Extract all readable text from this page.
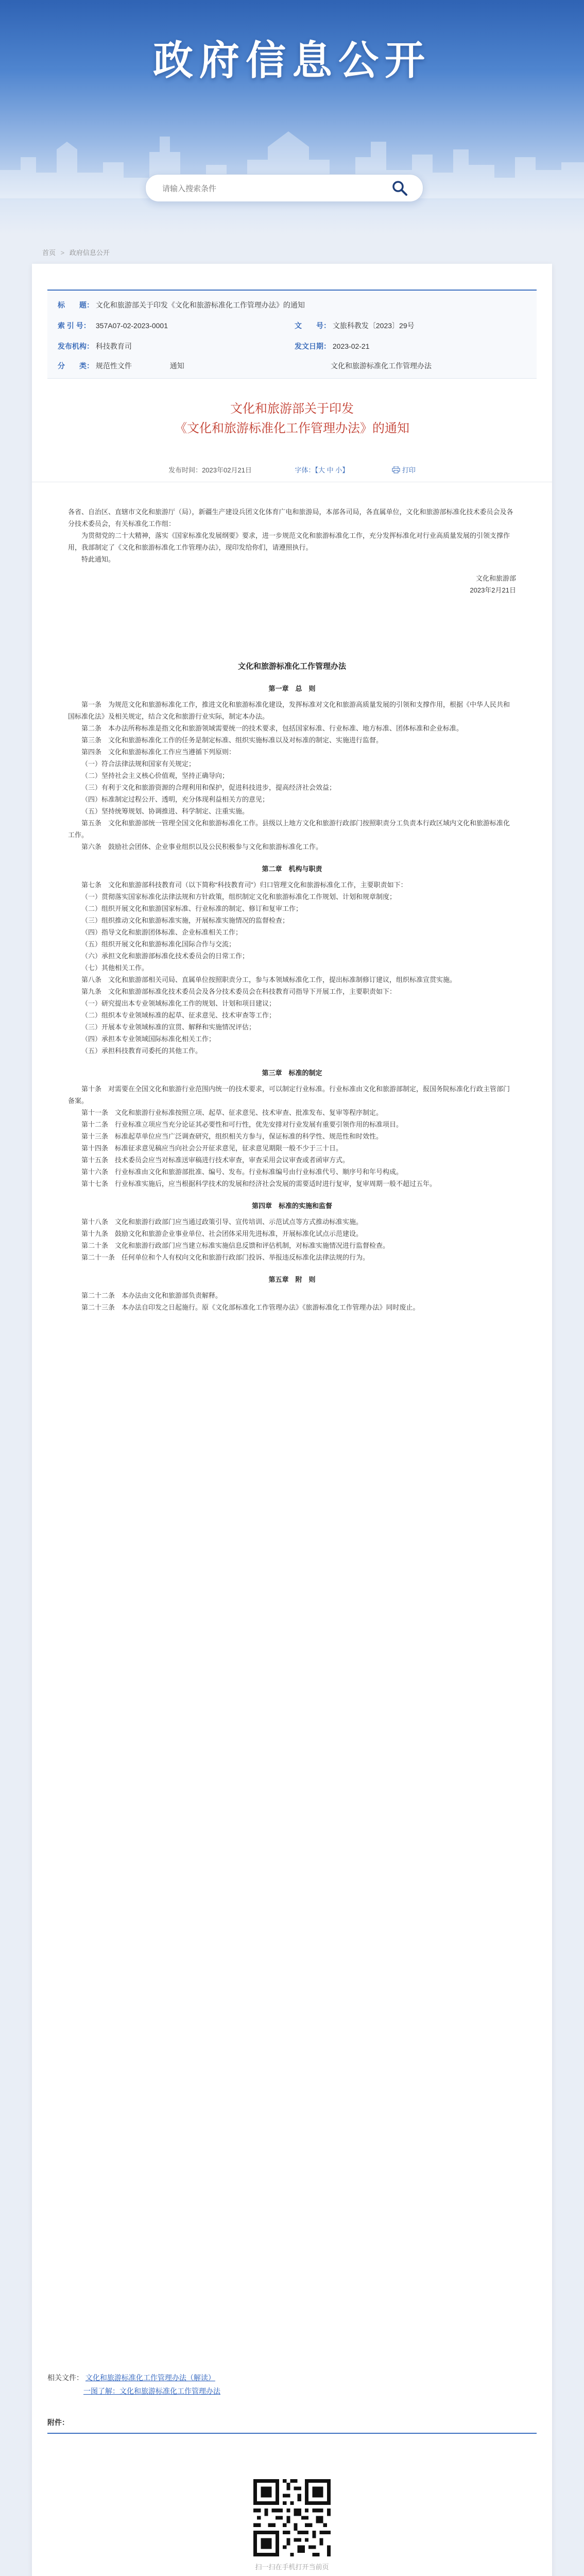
政府信息公开
请输入搜索条件
首页 > 政府信息公开
标　　题： 文化和旅游部关于印发《文化和旅游标准化工作管理办法》的通知
索 引 号： 357A07-02-2023-0001	文　　号： 文旅科教发〔2023〕29号
发布机构： 科技教育司	发文日期： 2023-02-21
分　　类： 规范性文件	通知	文化和旅游标准化工作管理办法
文化和旅游部关于印发
《文化和旅游标准化工作管理办法》的通知
发布时间：2023年02月21日	字体：【大 中 小】	打印

各省、自治区、直辖市文化和旅游厅（局），新疆生产建设兵团文化体育广电和旅游局，本部各司局，各直属单位，文化和旅游部标准化技术委员会及各分技术委员会，有关标准化工作组：

为贯彻党的二十大精神，落实《国家标准化发展纲要》要求，进一步规范文化和旅游标准化工作，充分发挥标准化对行业高质量发展的引领支撑作用，我部制定了《文化和旅游标准化工作管理办法》，现印发给你们，请遵照执行。

特此通知。

文化和旅游部

2023年2月21日

文化和旅游标准化工作管理办法

第一章　总　则

第一条　为规范文化和旅游标准化工作，推进文化和旅游标准化建设，发挥标准对文化和旅游高质量发展的引领和支撑作用，根据《中华人民共和国标准化法》及相关规定，结合文化和旅游行业实际，制定本办法。

第二条　本办法所称标准是指文化和旅游领域需要统一的技术要求，包括国家标准、行业标准、地方标准、团体标准和企业标准。

第三条　文化和旅游标准化工作的任务是制定标准、组织实施标准以及对标准的制定、实施进行监督。

第四条　文化和旅游标准化工作应当遵循下列原则：

（一）符合法律法规和国家有关规定；

（二）坚持社会主义核心价值观，坚持正确导向；

（三）有利于文化和旅游资源的合理利用和保护，促进科技进步，提高经济社会效益；

（四）标准制定过程公开、透明，充分体现利益相关方的意见；

（五）坚持统筹规划、协调推进、科学制定、注重实施。

第五条　文化和旅游部统一管理全国文化和旅游标准化工作。县级以上地方文化和旅游行政部门按照职责分工负责本行政区域内文化和旅游标准化工作。

第六条　鼓励社会团体、企业事业组织以及公民积极参与文化和旅游标准化工作。

第二章　机构与职责

第七条　文化和旅游部科技教育司（以下简称“科技教育司”）归口管理文化和旅游标准化工作，主要职责如下：

（一）贯彻落实国家标准化法律法规和方针政策，组织制定文化和旅游标准化工作规划、计划和规章制度；

（二）组织开展文化和旅游国家标准、行业标准的制定、修订和复审工作；

（三）组织推动文化和旅游标准实施，开展标准实施情况的监督检查；

（四）指导文化和旅游团体标准、企业标准相关工作；

（五）组织开展文化和旅游标准化国际合作与交流；

（六）承担文化和旅游部标准化技术委员会的日常工作；

（七）其他相关工作。

第八条　文化和旅游部相关司局、直属单位按照职责分工，参与本领域标准化工作，提出标准制修订建议，组织标准宣贯实施。

第九条　文化和旅游部标准化技术委员会及各分技术委员会在科技教育司指导下开展工作，主要职责如下：

（一）研究提出本专业领域标准化工作的规划、计划和项目建议；

（二）组织本专业领域标准的起草、征求意见、技术审查等工作；

（三）开展本专业领域标准的宣贯、解释和实施情况评估；

（四）承担本专业领域国际标准化相关工作；

（五）承担科技教育司委托的其他工作。

第三章　标准的制定

第十条　对需要在全国文化和旅游行业范围内统一的技术要求，可以制定行业标准。行业标准由文化和旅游部制定，报国务院标准化行政主管部门备案。

第十一条　文化和旅游行业标准按照立项、起草、征求意见、技术审查、批准发布、复审等程序制定。

第十二条　行业标准立项应当充分论证其必要性和可行性，优先安排对行业发展有重要引领作用的标准项目。

第十三条　标准起草单位应当广泛调查研究，组织相关方参与，保证标准的科学性、规范性和时效性。

第十四条　标准征求意见稿应当向社会公开征求意见，征求意见期限一般不少于三十日。

第十五条　技术委员会应当对标准送审稿进行技术审查，审查采用会议审查或者函审方式。

第十六条　行业标准由文化和旅游部批准、编号、发布。行业标准编号由行业标准代号、顺序号和年号构成。

第十七条　行业标准实施后，应当根据科学技术的发展和经济社会发展的需要适时进行复审，复审周期一般不超过五年。

第四章　标准的实施和监督

第十八条　文化和旅游行政部门应当通过政策引导、宣传培训、示范试点等方式推动标准实施。

第十九条　鼓励文化和旅游企业事业单位、社会团体采用先进标准，开展标准化试点示范建设。

第二十条　文化和旅游行政部门应当建立标准实施信息反馈和评估机制，对标准实施情况进行监督检查。

第二十一条　任何单位和个人有权向文化和旅游行政部门投诉、举报违反标准化法律法规的行为。

第五章　附　则

第二十二条　本办法由文化和旅游部负责解释。

第二十三条　本办法自印发之日起施行。原《文化部标准化工作管理办法》《旅游标准化工作管理办法》同时废止。

相关文件： 文化和旅游标准化工作管理办法（解读）
一图了解：文化和旅游标准化工作管理办法
附件：
扫一扫在手机打开当前页
